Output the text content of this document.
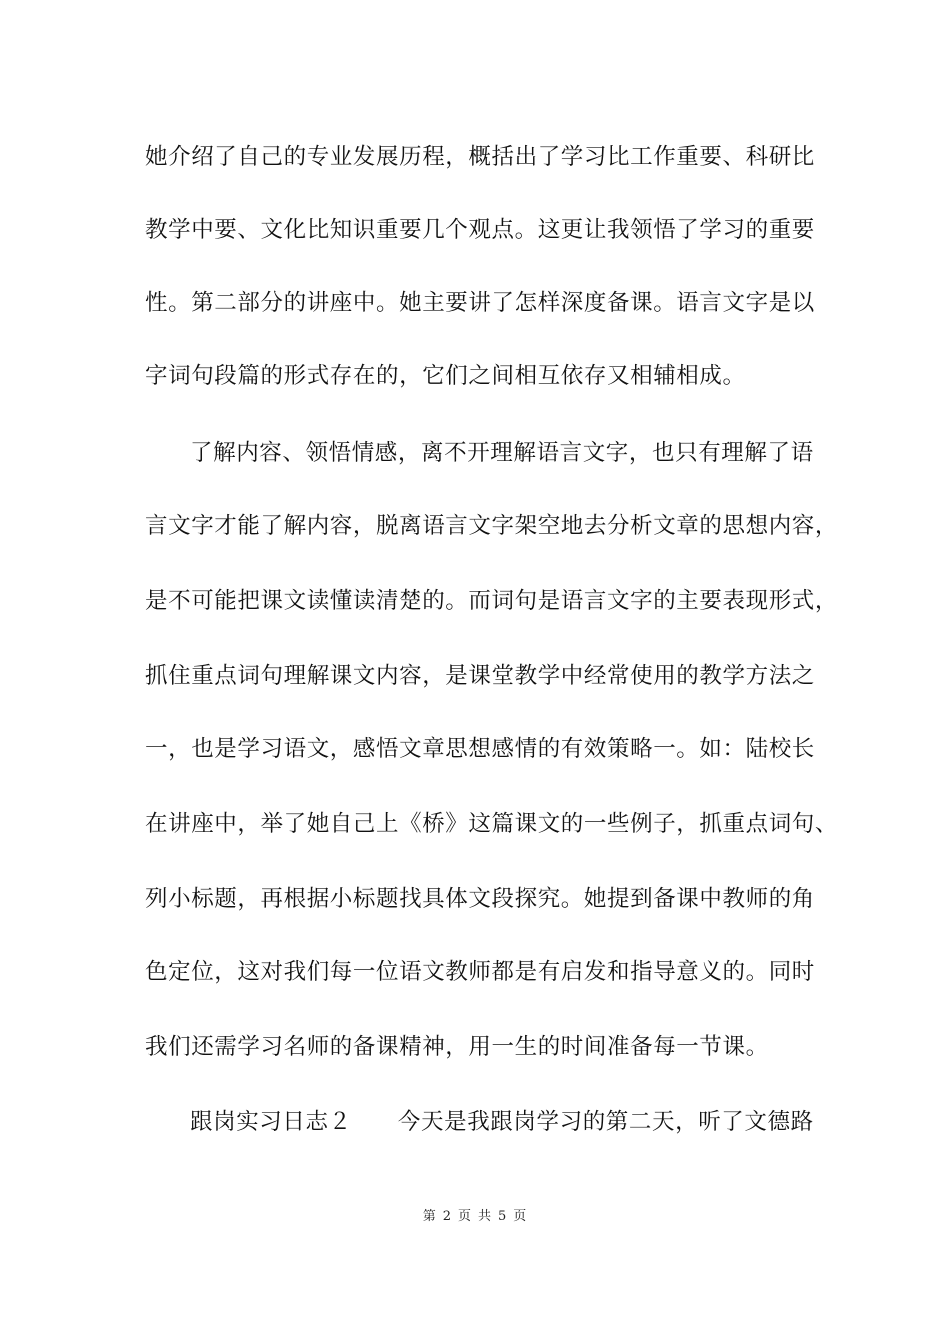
她介绍了自己的专业发展历程，概括出了学习比工作重要、科研比
教学中要、文化比知识重要几个观点。这更让我领悟了学习的重要
性。第二部分的讲座中。她主要讲了怎样深度备课。语言文字是以
字词句段篇的形式存在的，它们之间相互依存又相辅相成。
了解内容、领悟情感，离不开理解语言文字，也只有理解了语
言文字才能了解内容，脱离语言文字架空地去分析文章的思想内容，
是不可能把课文读懂读清楚的。而词句是语言文字的主要表现形式，
抓住重点词句理解课文内容，是课堂教学中经常使用的教学方法之
一，也是学习语文，感悟文章思想感情的有效策略一。如：陆校长
在讲座中，举了她自己上《桥》这篇课文的一些例子，抓重点词句、
列小标题，再根据小标题找具体文段探究。她提到备课中教师的角
色定位，这对我们每一位语文教师都是有启发和指导意义的。同时
我们还需学习名师的备课精神，用一生的时间准备每一节课。
跟岗实习日志２　　今天是我跟岗学习的第二天，听了文德路
第 2 页 共 5 页
